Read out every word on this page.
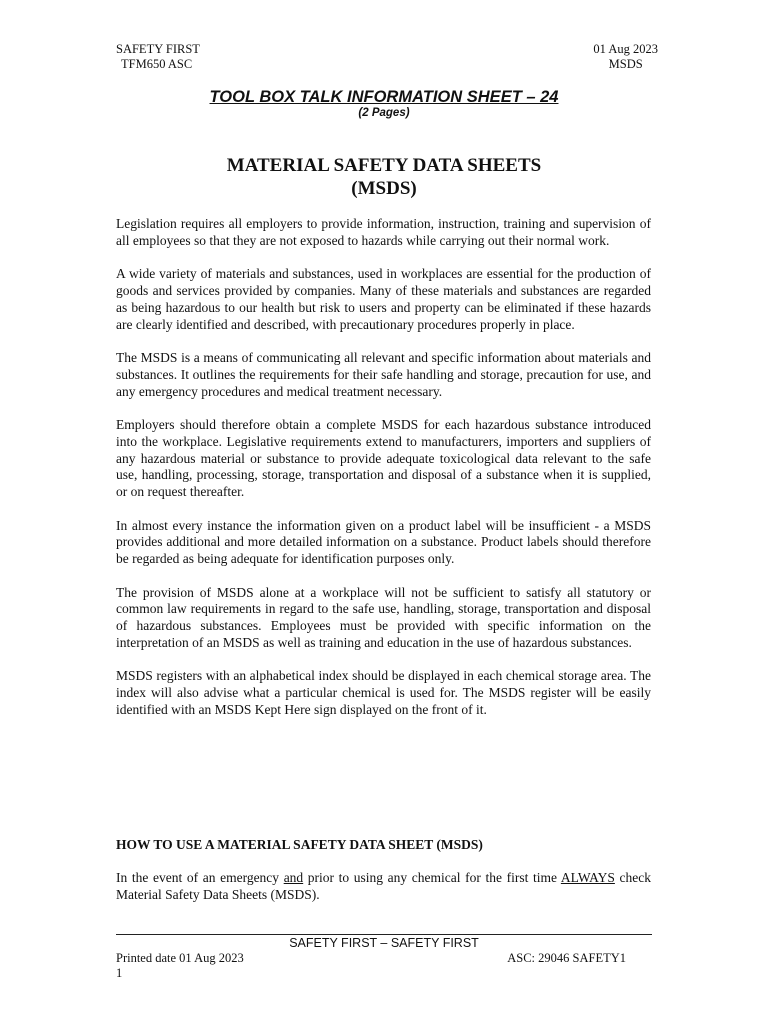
SAFETY FIRST
TFM650 ASC
01 Aug 2023
MSDS
TOOL BOX TALK INFORMATION SHEET – 24
(2 Pages)
MATERIAL SAFETY DATA SHEETS
(MSDS)

Legislation requires all employers to provide information, instruction, training and supervision of all employees so that they are not exposed to hazards while carrying out their normal work.

A wide variety of materials and substances, used in workplaces are essential for the production of goods and services provided by companies. Many of these materials and substances are regarded as being hazardous to our health but risk to users and property can be eliminated if these hazards are clearly identified and described, with precautionary procedures properly in place.

The MSDS is a means of communicating all relevant and specific information about materials and substances. It outlines the requirements for their safe handling and storage, precaution for use, and any emergency procedures and medical treatment necessary.

Employers should therefore obtain a complete MSDS for each hazardous substance introduced into the workplace. Legislative requirements extend to manufacturers, importers and suppliers of any hazardous material or substance to provide adequate toxicological data relevant to the safe use, handling, processing, storage, transportation and disposal of a substance when it is supplied, or on request thereafter.

In almost every instance the information given on a product label will be insufficient - a MSDS provides additional and more detailed information on a substance. Product labels should therefore be regarded as being adequate for identification purposes only.

The provision of MSDS alone at a workplace will not be sufficient to satisfy all statutory or common law requirements in regard to the safe use, handling, storage, transportation and disposal of hazardous substances. Employees must be provided with specific information on the interpretation of an MSDS as well as training and education in the use of hazardous substances.

MSDS registers with an alphabetical index should be displayed in each chemical storage area. The index will also advise what a particular chemical is used for. The MSDS register will be easily identified with an MSDS Kept Here sign displayed on the front of it.

HOW TO USE A MATERIAL SAFETY DATA SHEET (MSDS)

In the event of an emergency and prior to using any chemical for the first time ALWAYS check Material Safety Data Sheets (MSDS).

SAFETY FIRST – SAFETY FIRST
Printed date 01 Aug 2023
1
ASC: 29046 SAFETY1
